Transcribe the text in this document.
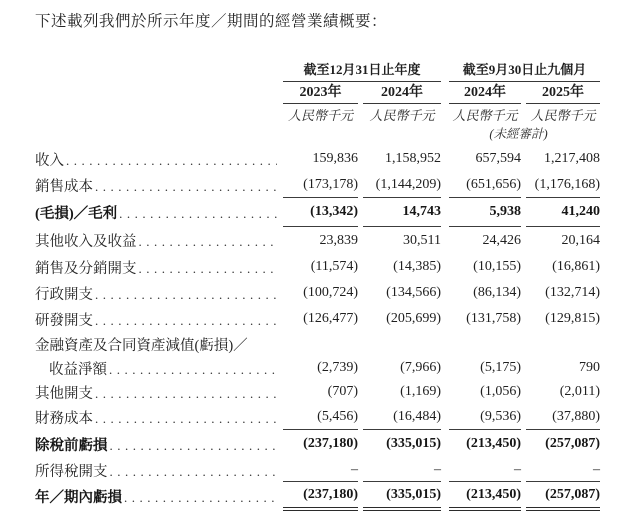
下述載列我們於所示年度／期間的經營業績概要：

截至12月31日止年度	截至9月30日止九個月
2023年	2024年	2024年	2025年
人民幣千元	人民幣千元	人民幣千元 人民幣千元
(未經審計)
收入 .....	159,836	1,158,952	657,594	1,217,408
銷售成本 .....	(173,178)	(1,144,209)	(651,656) (1,176,168)
(毛損)／毛利 .....	(13,342)	14,743	5,938	41,240
其他收入及收益 .....	23,839	30,511	24,426	20,164
銷售及分銷開支 .....	(11,574)	(14,385)	(10,155)	(16,861)
行政開支 .....	(100,724)	(134,566)	(86,134)	(132,714)
研發開支 .....	(126,477)	(205,699)	(131,758)	(129,815)
金融資產及合同資產減值(虧損)／
收益淨額 .....	(2,739)	(7,966)	(5,175)	790
其他開支 .....	(707)	(1,169)	(1,056)	(2,011)
財務成本 .....	(5,456)	(16,484)	(9,536)	(37,880)
除稅前虧損 .....	(237,180)	(335,015)	(213,450)	(257,087)
所得稅開支 .....	–	–	–	–
年／期內虧損 .....	(237,180)	(335,015)	(213,450)	(257,087)
